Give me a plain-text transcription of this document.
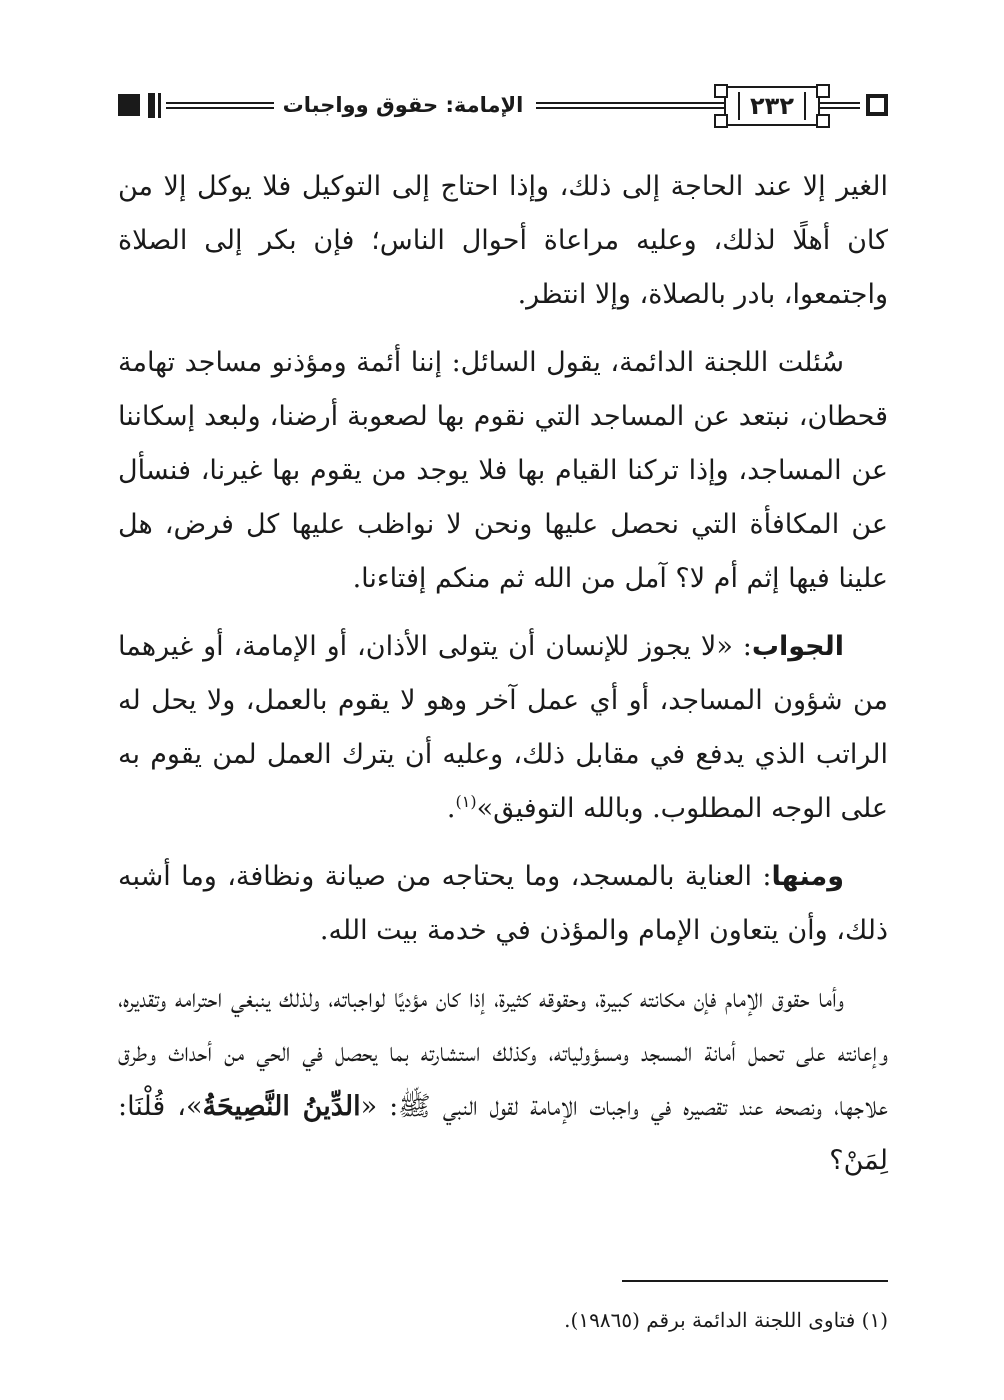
الإمامة: حقوق وواجبات	٢٣٢

الغير إلا عند الحاجة إلى ذلك، وإذا احتاج إلى التوكيل فلا يوكل إلا من كان أهلًا لذلك، وعليه مراعاة أحوال الناس؛ فإن بكر إلى الصلاة واجتمعوا، بادر بالصلاة، وإلا انتظر.

سُئلت اللجنة الدائمة، يقول السائل: إننا أئمة ومؤذنو مساجد تهامة قحطان، نبتعد عن المساجد التي نقوم بها لصعوبة أرضنا، ولبعد إسكاننا عن المساجد، وإذا تركنا القيام بها فلا يوجد من يقوم بها غيرنا، فنسأل عن المكافأة التي نحصل عليها ونحن لا نواظب عليها كل فرض، هل علينا فيها إثم أم لا؟ آمل من الله ثم منكم إفتاءنا.

الجواب: «لا يجوز للإنسان أن يتولى الأذان، أو الإمامة، أو غيرهما من شؤون المساجد، أو أي عمل آخر وهو لا يقوم بالعمل، ولا يحل له الراتب الذي يدفع في مقابل ذلك، وعليه أن يترك العمل لمن يقوم به على الوجه المطلوب. وبالله التوفيق»$^{(١)}$.

ومنها: العناية بالمسجد، وما يحتاجه من صيانة ونظافة، وما أشبه ذلك، وأن يتعاون الإمام والمؤذن في خدمة بيت الله.

وأما حقوق الإمام فإن مكانته كبيرة، وحقوقه كثيرة، إذا كان مؤديًا لواجباته، ولذلك ينبغي احترامه وتقديره، وإعانته على تحمل أمانة المسجد ومسؤولياته، وكذلك استشارته بما يحصل في الحي من أحداث وطرق علاجها، ونصحه عند تقصيره في واجبات الإمامة لقول النبي ﷺ: «الدِّينُ النَّصِيحَةُ»، قُلْنَا: لِمَنْ؟

(١) فتاوى اللجنة الدائمة برقم (١٩٨٦٥).
